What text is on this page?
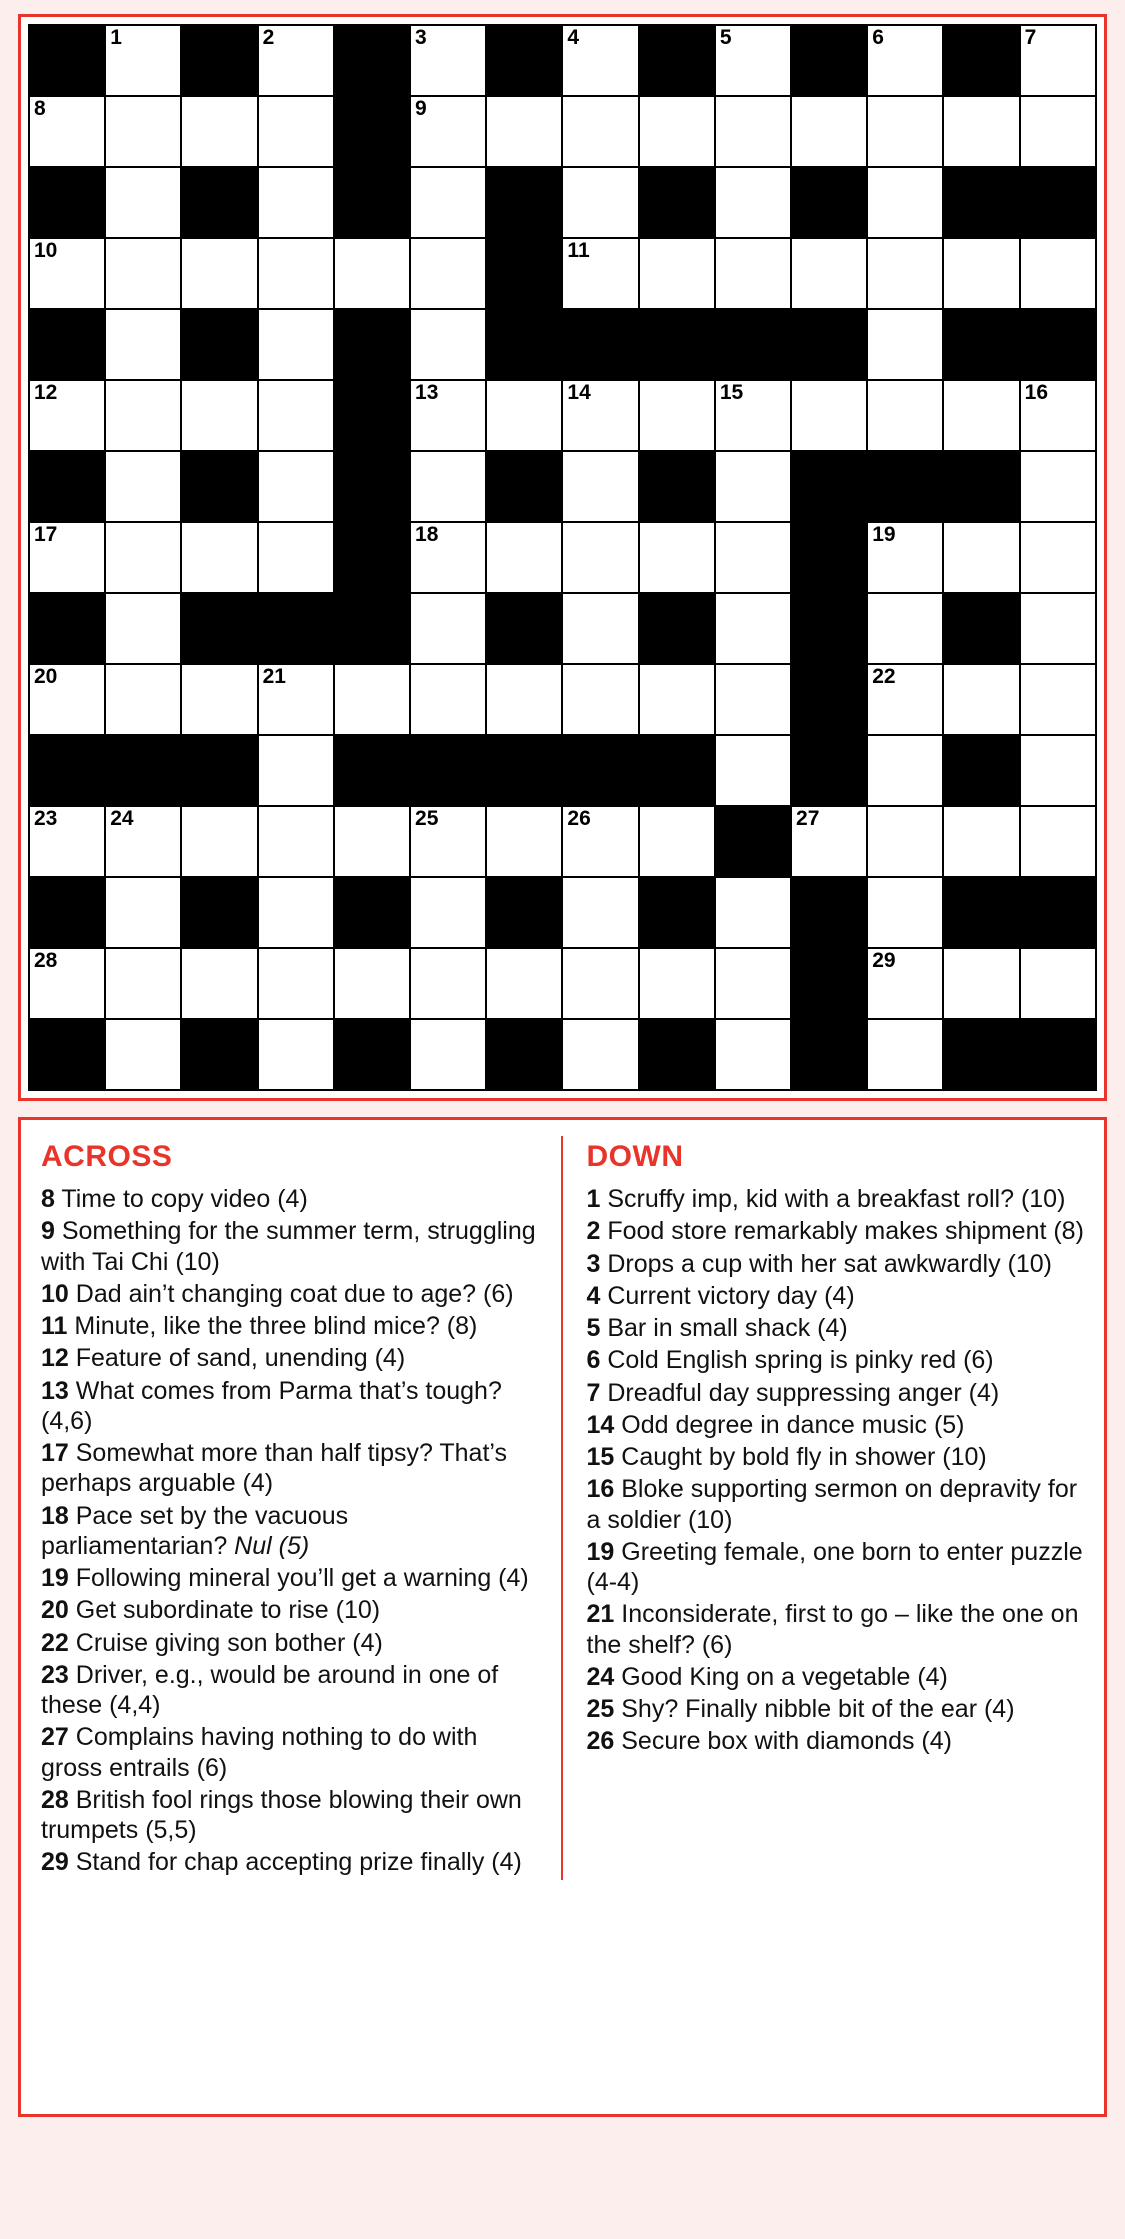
	1		2		3		4		5		6		7

8					9								

10							11						

12					13		14		15				16

17					18						19		

20			21								22		

23	24				25		26			27			

28											29		

ACROSS
8 Time to copy video (4)
9 Something for the summer term, struggling with Tai Chi (10)
10 Dad ain’t changing coat due to age? (6)
11 Minute, like the three blind mice? (8)
12 Feature of sand, unending (4)
13 What comes from Parma that’s tough? (4,6)
17 Somewhat more than half tipsy? That’s perhaps arguable (4)
18 Pace set by the vacuous parliamentarian? Nul (5)
19 Following mineral you’ll get a warning (4)
20 Get subordinate to rise (10)
22 Cruise giving son bother (4)
23 Driver, e.g., would be around in one of these (4,4)
27 Complains having nothing to do with gross entrails (6)
28 British fool rings those blowing their own trumpets (5,5)
29 Stand for chap accepting prize finally (4)
DOWN
1 Scruffy imp, kid with a breakfast roll? (10)
2 Food store remarkably makes shipment (8)
3 Drops a cup with her sat awkwardly (10)
4 Current victory day (4)
5 Bar in small shack (4)
6 Cold English spring is pinky red (6)
7 Dreadful day suppressing anger (4)
14 Odd degree in dance music (5)
15 Caught by bold fly in shower (10)
16 Bloke supporting sermon on depravity for a soldier (10)
19 Greeting female, one born to enter puzzle (4-4)
21 Inconsiderate, first to go – like the one on the shelf? (6)
24 Good King on a vegetable (4)
25 Shy? Finally nibble bit of the ear (4)
26 Secure box with diamonds (4)
